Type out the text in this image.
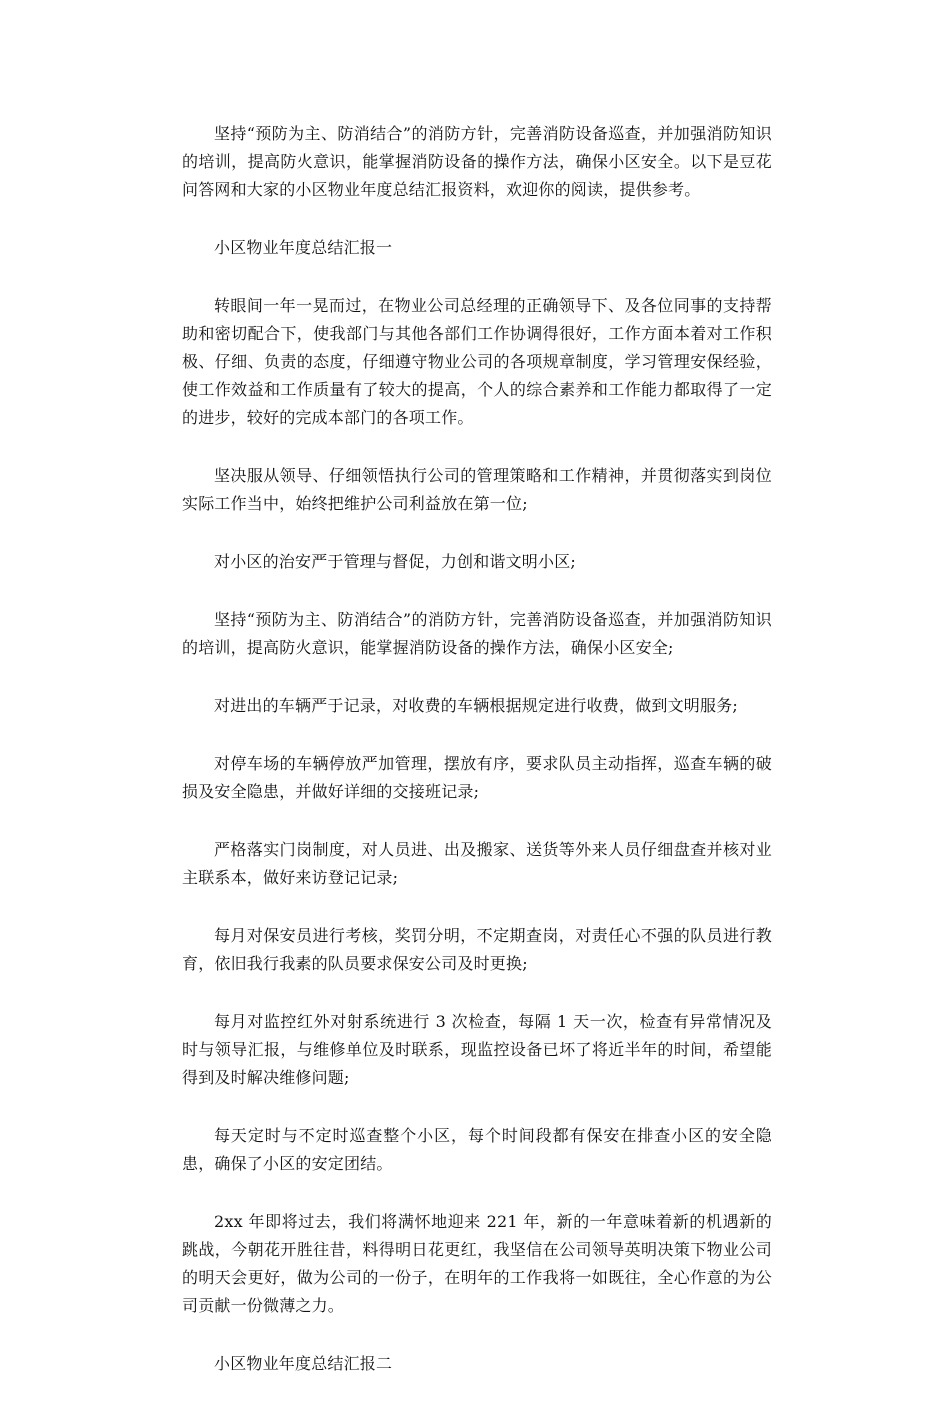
坚持“预防为主、防消结合”的消防方针，完善消防设备巡查，并加强消防知识的培训，提高防火意识，能掌握消防设备的操作方法，确保小区安全。以下是豆花问答网和大家的小区物业年度总结汇报资料，欢迎你的阅读，提供参考。

小区物业年度总结汇报一

转眼间一年一晃而过，在物业公司总经理的正确领导下、及各位同事的支持帮助和密切配合下，使我部门与其他各部们工作协调得很好，工作方面本着对工作积极、仔细、负责的态度，仔细遵守物业公司的各项规章制度，学习管理安保经验，使工作效益和工作质量有了较大的提高，个人的综合素养和工作能力都取得了一定的进步，较好的完成本部门的各项工作。

坚决服从领导、仔细领悟执行公司的管理策略和工作精神，并贯彻落实到岗位实际工作当中，始终把维护公司利益放在第一位;

对小区的治安严于管理与督促，力创和谐文明小区;

坚持“预防为主、防消结合”的消防方针，完善消防设备巡查，并加强消防知识的培训，提高防火意识，能掌握消防设备的操作方法，确保小区安全;

对进出的车辆严于记录，对收费的车辆根据规定进行收费，做到文明服务;

对停车场的车辆停放严加管理，摆放有序，要求队员主动指挥，巡查车辆的破损及安全隐患，并做好详细的交接班记录;

严格落实门岗制度，对人员进、出及搬家、送货等外来人员仔细盘查并核对业主联系本，做好来访登记记录;

每月对保安员进行考核，奖罚分明，不定期查岗，对责任心不强的队员进行教育，依旧我行我素的队员要求保安公司及时更换;

每月对监控红外对射系统进行 3 次检查，每隔 1 天一次，检查有异常情况及时与领导汇报，与维修单位及时联系，现监控设备已坏了将近半年的时间，希望能得到及时解决维修问题;

每天定时与不定时巡查整个小区，每个时间段都有保安在排查小区的安全隐患，确保了小区的安定团结。

2xx 年即将过去，我们将满怀地迎来 221 年，新的一年意味着新的机遇新的跳战，今朝花开胜往昔，料得明日花更红，我坚信在公司领导英明决策下物业公司的明天会更好，做为公司的一份子，在明年的工作我将一如既往，全心作意的为公司贡献一份微薄之力。

小区物业年度总结汇报二
